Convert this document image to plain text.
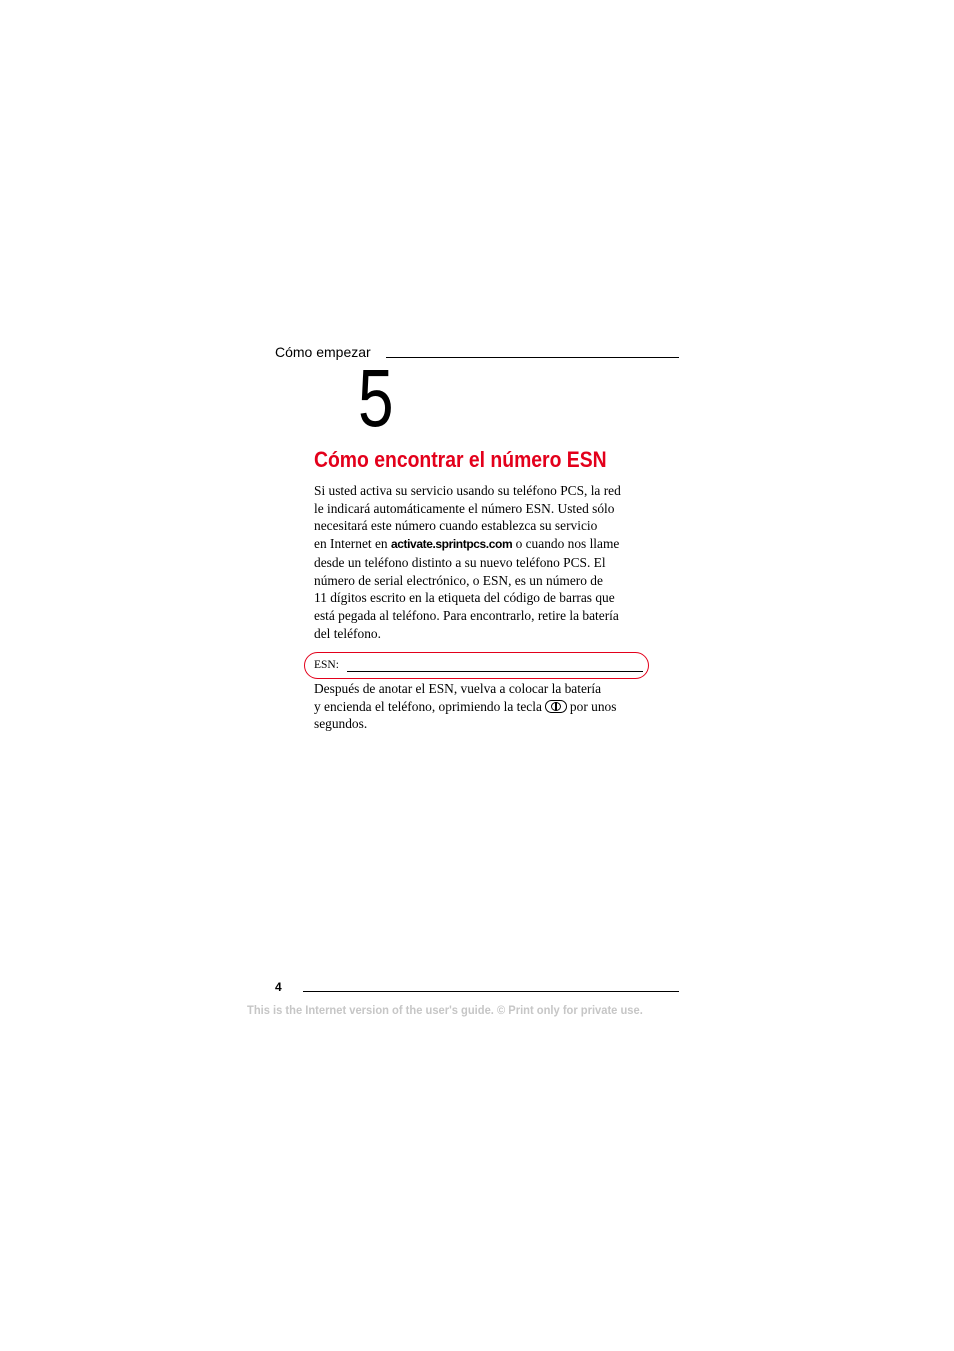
Cómo empezar
5
Cómo encontrar el número ESN
Si usted activa su servicio usando su teléfono PCS, la red
le indicará automáticamente el número ESN. Usted sólo
necesitará este número cuando establezca su servicio
en Internet en activate.sprintpcs.com o cuando nos llame
desde un teléfono distinto a su nuevo teléfono PCS. El
número de serial electrónico, o ESN, es un número de
11 dígitos escrito en la etiqueta del código de barras que
está pegada al teléfono. Para encontrarlo, retire la batería
del teléfono.
ESN:
Después de anotar el ESN, vuelva a colocar la batería
y encienda el teléfono, oprimiendo la tecla por unos
segundos.
4
This is the Internet version of the user's guide. © Print only for private use.
